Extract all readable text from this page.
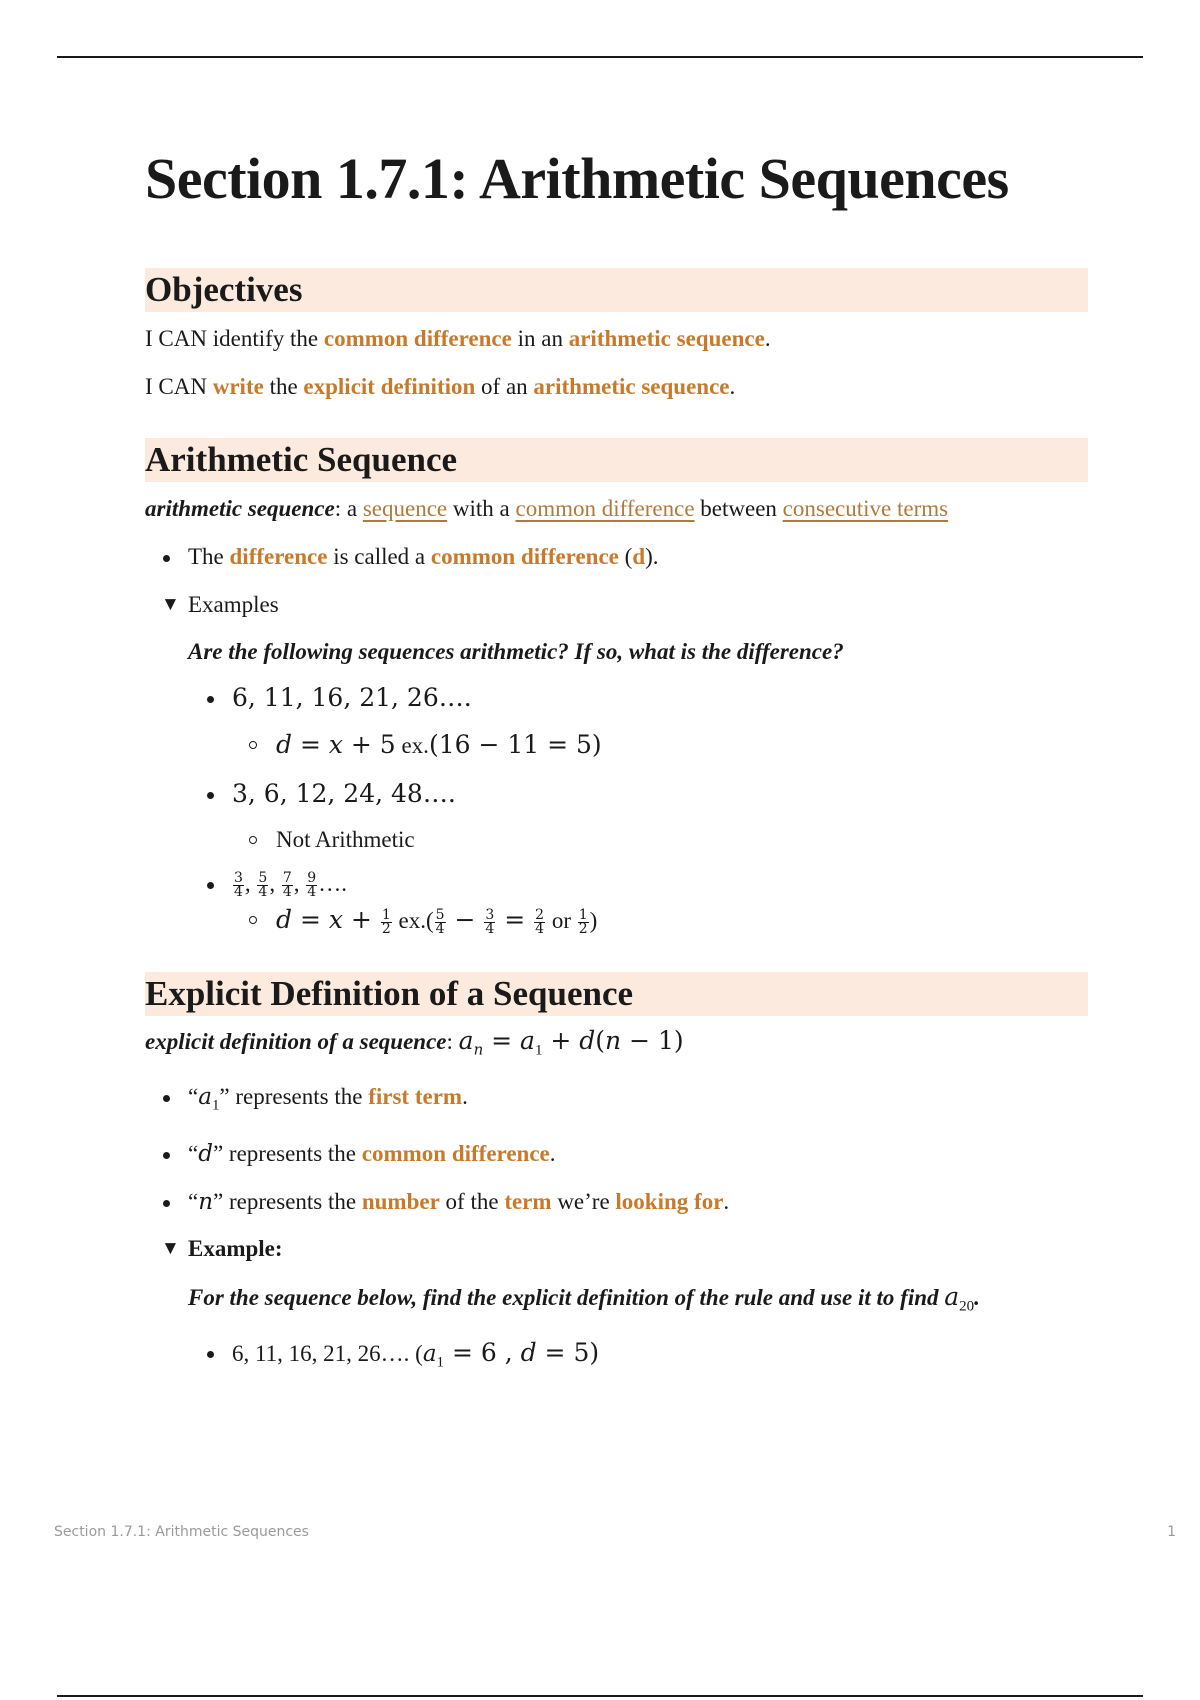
Section 1.7.1: Arithmetic Sequences
Objectives

I CAN identify the common difference in an arithmetic sequence.

I CAN write the explicit definition of an arithmetic sequence.

Arithmetic Sequence

arithmetic sequence: a sequence with a common difference between consecutive terms

The difference is called a common difference (d).
▼ Examples

Are the following sequences arithmetic? If so, what is the difference?

6, 11, 16, 21, 26….
d = x + 5 ex.(16 − 11 = 5)
3, 6, 12, 24, 48….
Not Arithmetic
$\frac{3}{4}$ , $\frac{5}{4}$ , $\frac{7}{4}$ , $\frac{9}{4}$ ….
$d = x + \frac{1}{2} ex.( \frac{5}{4} - \frac{3}{4} = \frac{2}{4}$ or $\frac{1}{2}$ )
Explicit Definition of a Sequence

explicit definition of a sequence: $a_n = a_1 + d(n - 1)$

“$a_1$” represents the first term.
“d” represents the common difference.
“n” represents the number of the term we’re looking for.
▼ Example:

For the sequence below, find the explicit definition of the rule and use it to find $a_{20}$.

6, 11, 16, 21, 26…. ($a_1 = 6$ , d = 5)
Section 1.7.1: Arithmetic Sequences	1
